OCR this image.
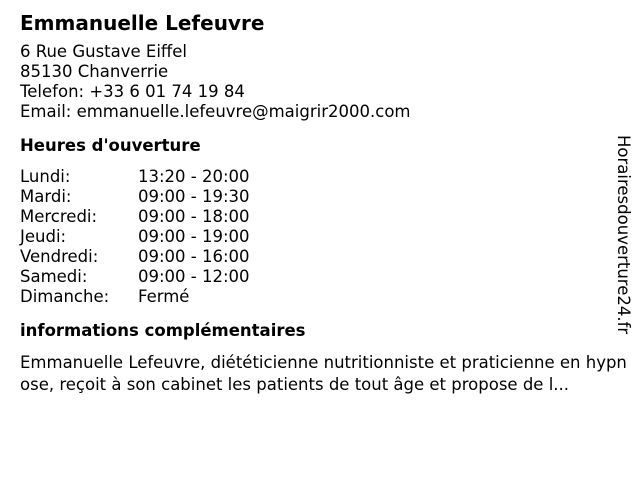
Emmanuelle Lefeuvre
6 Rue Gustave Eiffel
85130 Chanverrie
Telefon: +33 6 01 74 19 84
Email: emmanuelle.lefeuvre@maigrir2000.com
Heures d'ouverture
Lundi:	13:20 - 20:00
Mardi:	09:00 - 19:30
Mercredi:	09:00 - 18:00
Jeudi:	09:00 - 19:00
Vendredi:	09:00 - 16:00
Samedi:	09:00 - 12:00
Dimanche:	Fermé
informations complémentaires
Emmanuelle Lefeuvre, diététicienne nutritionniste et praticienne en hypnose, reçoit à son cabinet les patients de tout âge et propose de l...
Horairesdouverture24.fr
